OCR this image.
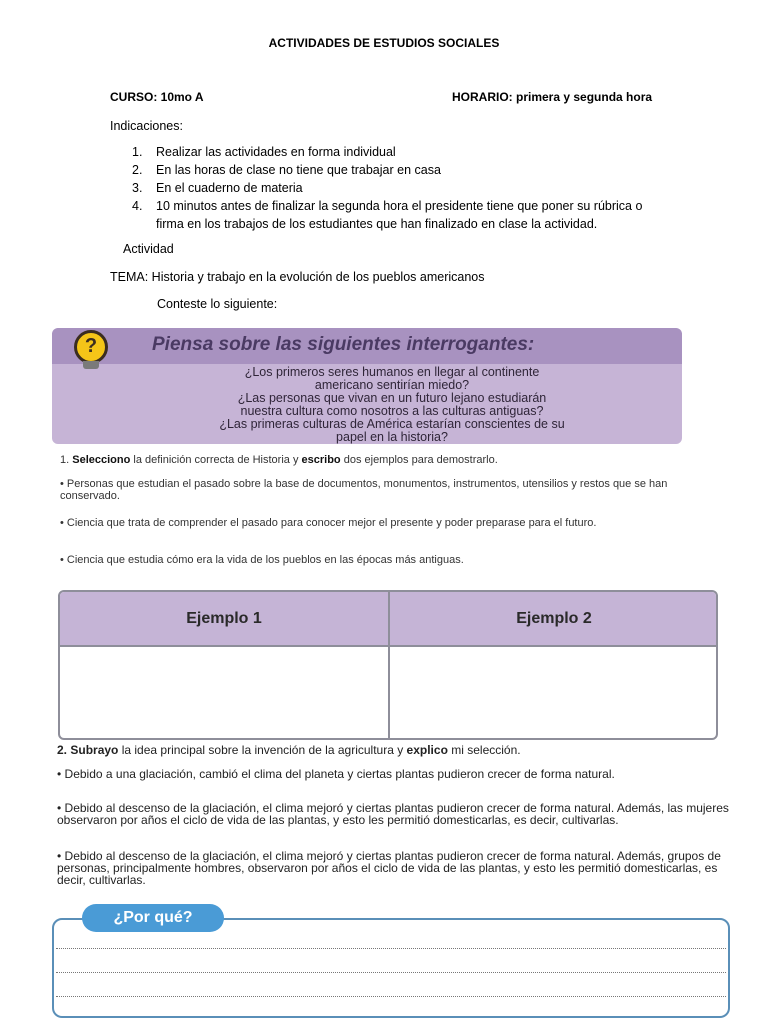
ACTIVIDADES DE ESTUDIOS SOCIALES
CURSO: 10mo A	HORARIO: primera y segunda hora
Indicaciones:
1.	Realizar las actividades en forma individual
2.	En las horas de clase no tiene que trabajar en casa
3.	En el cuaderno de materia
4.	10 minutos antes de finalizar la segunda hora el presidente tiene que poner su rúbrica o firma en los trabajos de los estudiantes que han finalizado en clase la actividad.
Actividad
TEMA: Historia y trabajo en la evolución de los pueblos americanos
Conteste lo siguiente:
?	Piensa sobre las siguientes interrogantes:
¿Los primeros seres humanos en llegar al continente
americano sentirían miedo?
¿Las personas que vivan en un futuro lejano estudiarán
nuestra cultura como nosotros a las culturas antiguas?
¿Las primeras culturas de América estarían conscientes de su
papel en la historia?
1. Selecciono la definición correcta de Historia y escribo dos ejemplos para demostrarlo.
• Personas que estudian el pasado sobre la base de documentos, monumentos, instrumentos, utensilios y restos que se han conservado.
• Ciencia que trata de comprender el pasado para conocer mejor el presente y poder preparase para el futuro.
• Ciencia que estudia cómo era la vida de los pueblos en las épocas más antiguas.
Ejemplo 1	Ejemplo 2
2. Subrayo la idea principal sobre la invención de la agricultura y explico mi selección.
• Debido a una glaciación, cambió el clima del planeta y ciertas plantas pudieron crecer de forma natural.
• Debido al descenso de la glaciación, el clima mejoró y ciertas plantas pudieron crecer de forma natural. Además, las mujeres observaron por años el ciclo de vida de las plantas, y esto les permitió domesticarlas, es decir, cultivarlas.
• Debido al descenso de la glaciación, el clima mejoró y ciertas plantas pudieron crecer de forma natural. Además, grupos de personas, principalmente hombres, observaron por años el ciclo de vida de las plantas, y esto les permitió domesticarlas, es decir, cultivarlas.
¿Por qué?
